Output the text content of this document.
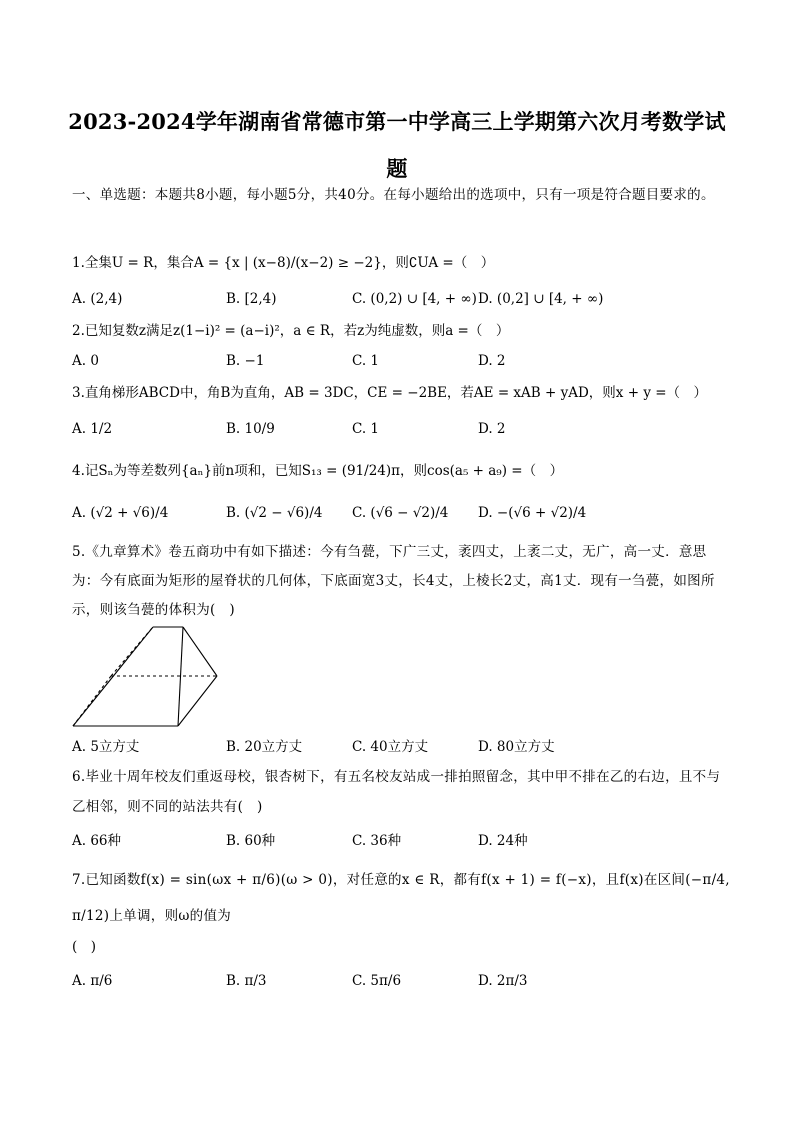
2023-2024学年湖南省常德市第一中学高三上学期第六次月考数学试题
一、单选题：本题共8小题，每小题5分，共40分。在每小题给出的选项中，只有一项是符合题目要求的。
1.全集U = R，集合A = {x | (x−8)/(x−2) ≥ −2}，则∁UA =（　）
A. (2,4)	B. [2,4)	C. (0,2) ∪ [4, + ∞) D. (0,2] ∪ [4, + ∞)
2.已知复数z满足z(1−i)² = (a−i)²，a ∈ R，若z为纯虚数，则a =（　）
A. 0	B. −1	C. 1	D. 2
3.直角梯形ABCD中，角B为直角，AB = 3DC，CE = −2BE，若AE = xAB + yAD，则x + y =（　）
A. 1/2	B. 10/9	C. 1	D. 2
4.记Sₙ为等差数列{aₙ}前n项和，已知S₁₃ = (91/24)π，则cos(a₅ + a₉) =（　）
A. (√2 + √6)/4	B. (√2 − √6)/4 C. (√6 − √2)/4 D. −(√6 + √2)/4
5.《九章算术》卷五商功中有如下描述：今有刍甍，下广三丈，袤四丈，上袤二丈，无广，高一丈．意思为：今有底面为矩形的屋脊状的几何体，下底面宽3丈，长4丈，上棱长2丈，高1丈．现有一刍甍，如图所示，则该刍甍的体积为(　)
A. 5立方丈	B. 20立方丈	C. 40立方丈	D. 80立方丈
6.毕业十周年校友们重返母校，银杏树下，有五名校友站成一排拍照留念，其中甲不排在乙的右边，且不与乙相邻，则不同的站法共有(　)
A. 66种	B. 60种	C. 36种	D. 24种
7.已知函数f(x) = sin(ωx + π/6)(ω > 0)，对任意的x ∈ R，都有f(x + 1) = f(−x)，且f(x)在区间(−π/4, π/12)上单调，则ω的值为
(　)
A. π/6	B. π/3	C. 5π/6	D. 2π/3
